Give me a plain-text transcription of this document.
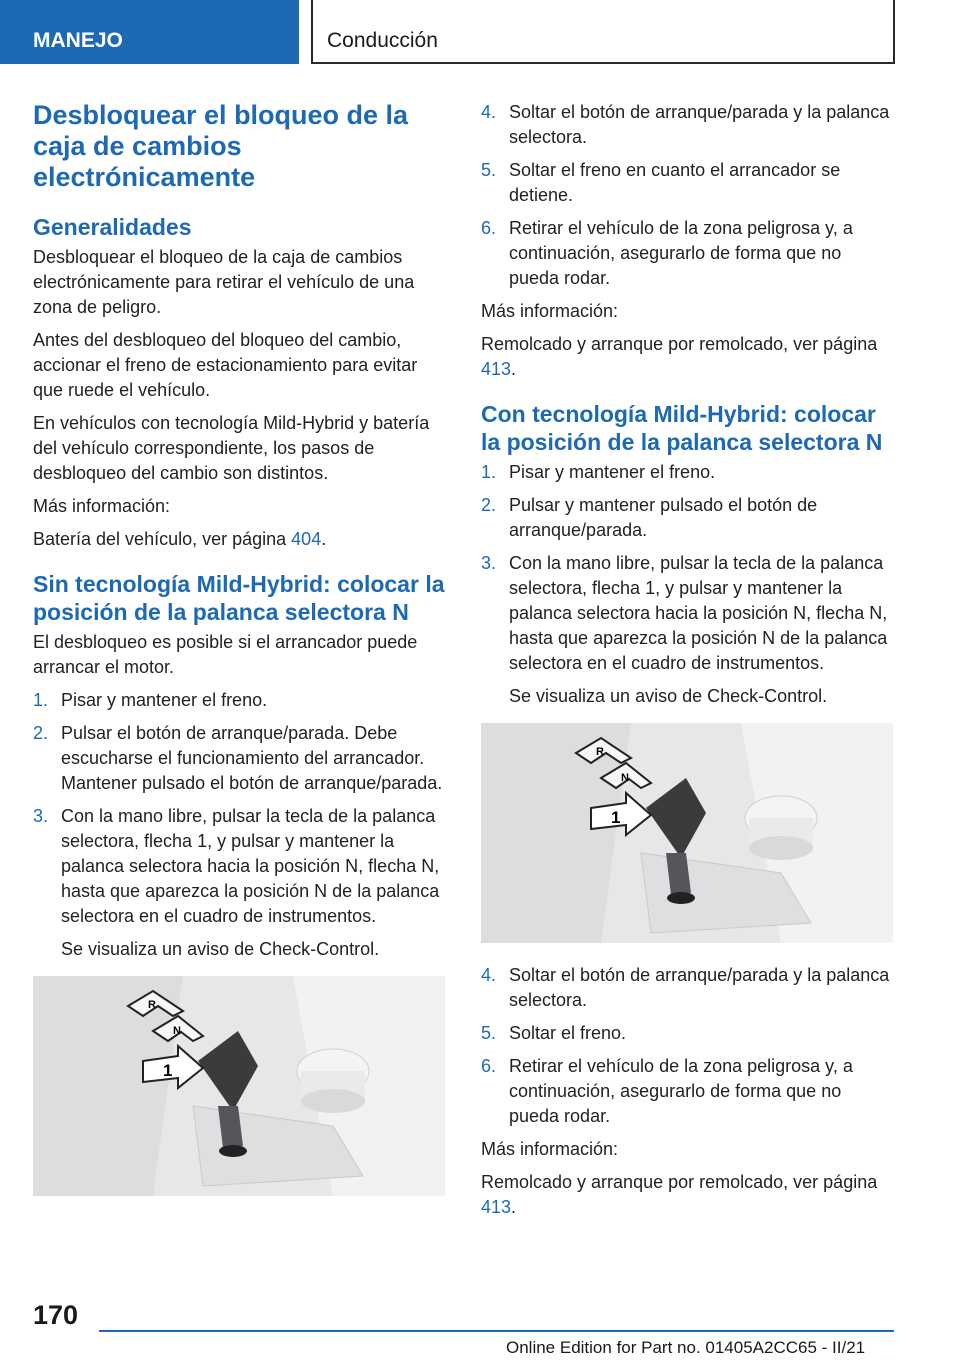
MANEJO	Conducción
Desbloquear el bloqueo de la caja de cambios electrónicamente
Generalidades

Desbloquear el bloqueo de la caja de cambios electrónicamente para retirar el vehículo de una zona de peligro.

Antes del desbloqueo del bloqueo del cambio, accionar el freno de estacionamiento para evitar que ruede el vehículo.

En vehículos con tecnología Mild-Hybrid y batería del vehículo correspondiente, los pasos de desbloqueo del cambio son distintos.

Más información:

Batería del vehículo, ver página 404.

Sin tecnología Mild-Hybrid: colocar la posición de la palanca selectora N

El desbloqueo es posible si el arrancador puede arrancar el motor.

1. Pisar y mantener el freno.
2. Pulsar el botón de arranque/parada. Debe escucharse el funcionamiento del arrancador. Mantener pulsado el botón de arranque/parada.
3. Con la mano libre, pulsar la tecla de la palanca selectora, flecha 1, y pulsar y mantener la palanca selectora hacia la posición N, flecha N, hasta que aparezca la posición N de la palanca selectora en el cuadro de instrumentos.
Se visualiza un aviso de Check-Control.
R
N
1
4. Soltar el botón de arranque/parada y la palanca selectora.
5. Soltar el freno en cuanto el arrancador se detiene.
6. Retirar el vehículo de la zona peligrosa y, a continuación, asegurarlo de forma que no pueda rodar.

Más información:

Remolcado y arranque por remolcado, ver página 413.

Con tecnología Mild-Hybrid: colocar la posición de la palanca selectora N
1. Pisar y mantener el freno.
2. Pulsar y mantener pulsado el botón de arranque/parada.
3. Con la mano libre, pulsar la tecla de la palanca selectora, flecha 1, y pulsar y mantener la palanca selectora hacia la posición N, flecha N, hasta que aparezca la posición N de la palanca selectora en el cuadro de instrumentos.
Se visualiza un aviso de Check-Control.
R
N
1
4. Soltar el botón de arranque/parada y la palanca selectora.
5. Soltar el freno.
6. Retirar el vehículo de la zona peligrosa y, a continuación, asegurarlo de forma que no pueda rodar.

Más información:

Remolcado y arranque por remolcado, ver página 413.

170
Online Edition for Part no. 01405A2CC65 - II/21
